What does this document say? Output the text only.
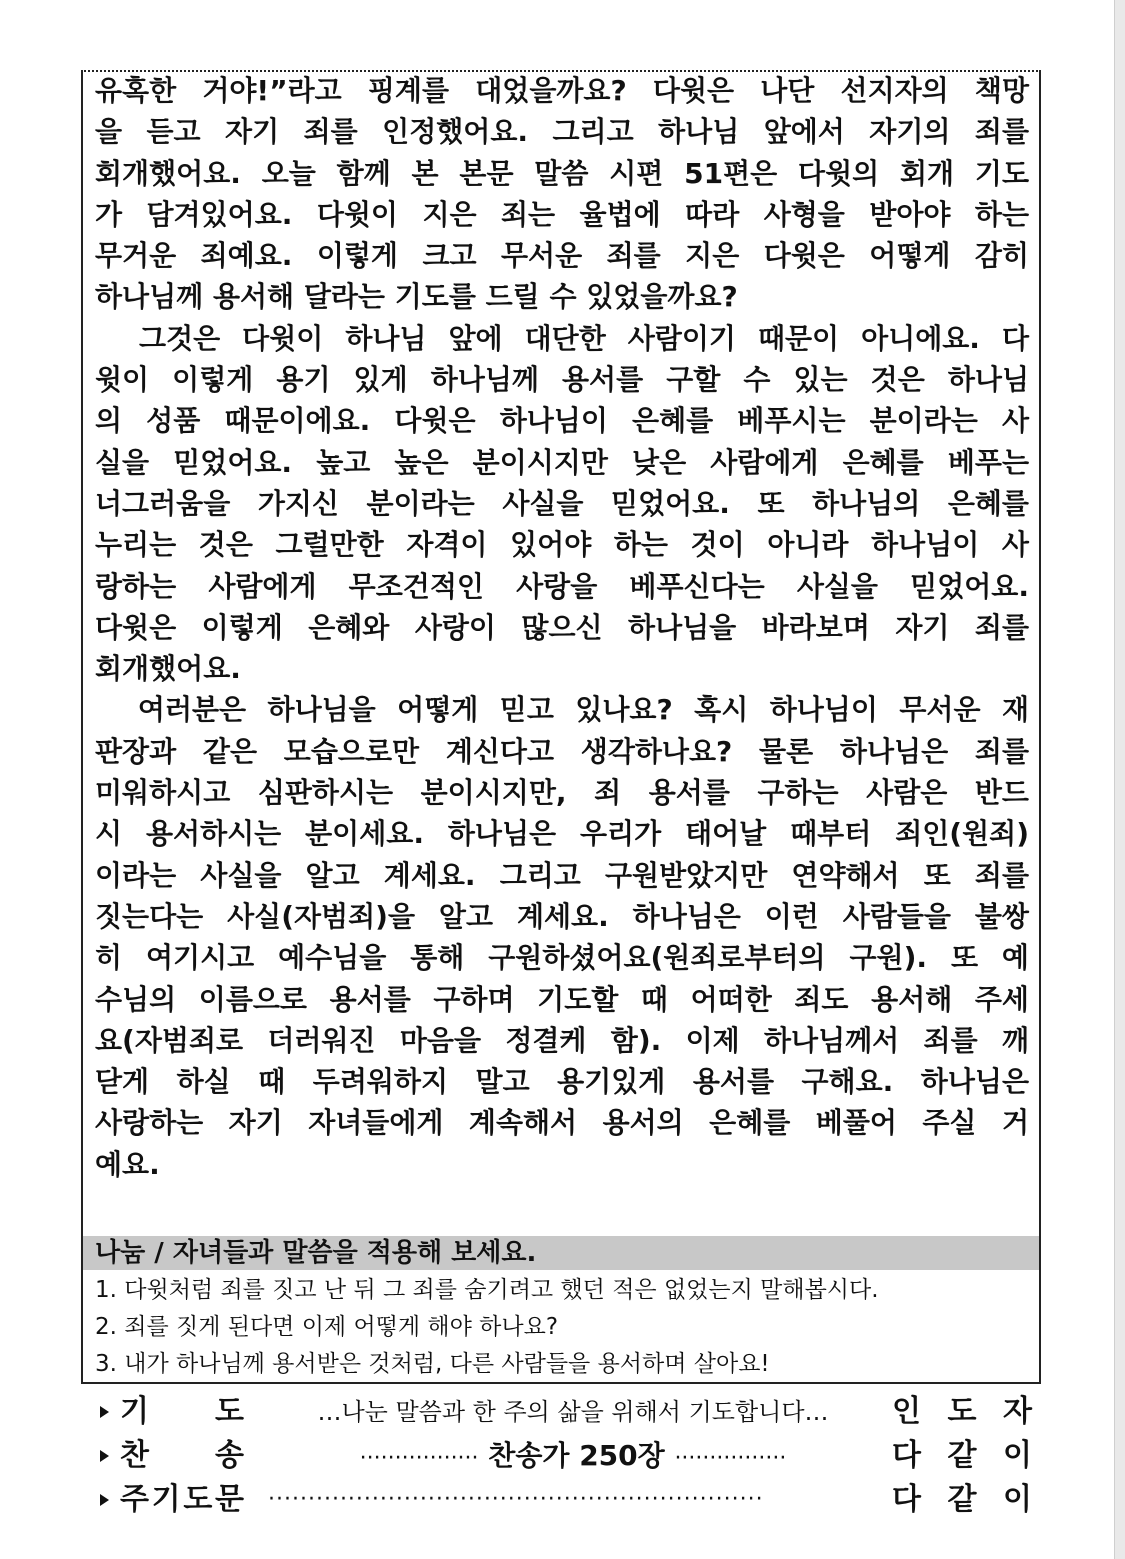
유혹한 거야!”라고 핑계를 대었을까요? 다윗은 나단 선지자의 책망
을 듣고 자기 죄를 인정했어요. 그리고 하나님 앞에서 자기의 죄를
회개했어요. 오늘 함께 본 본문 말씀 시편 51편은 다윗의 회개 기도
가 담겨있어요. 다윗이 지은 죄는 율법에 따라 사형을 받아야 하는
무거운 죄예요. 이렇게 크고 무서운 죄를 지은 다윗은 어떻게 감히
하나님께 용서해 달라는 기도를 드릴 수 있었을까요?
그것은 다윗이 하나님 앞에 대단한 사람이기 때문이 아니에요. 다
윗이 이렇게 용기 있게 하나님께 용서를 구할 수 있는 것은 하나님
의 성품 때문이에요. 다윗은 하나님이 은혜를 베푸시는 분이라는 사
실을 믿었어요. 높고 높은 분이시지만 낮은 사람에게 은혜를 베푸는
너그러움을 가지신 분이라는 사실을 믿었어요. 또 하나님의 은혜를
누리는 것은 그럴만한 자격이 있어야 하는 것이 아니라 하나님이 사
랑하는 사람에게 무조건적인 사랑을 베푸신다는 사실을 믿었어요.
다윗은 이렇게 은혜와 사랑이 많으신 하나님을 바라보며 자기 죄를
회개했어요.
여러분은 하나님을 어떻게 믿고 있나요? 혹시 하나님이 무서운 재
판장과 같은 모습으로만 계신다고 생각하나요? 물론 하나님은 죄를
미워하시고 심판하시는 분이시지만, 죄 용서를 구하는 사람은 반드
시 용서하시는 분이세요. 하나님은 우리가 태어날 때부터 죄인(원죄)
이라는 사실을 알고 계세요. 그리고 구원받았지만 연약해서 또 죄를
짓는다는 사실(자범죄)을 알고 계세요. 하나님은 이런 사람들을 불쌍
히 여기시고 예수님을 통해 구원하셨어요(원죄로부터의 구원). 또 예
수님의 이름으로 용서를 구하며 기도할 때 어떠한 죄도 용서해 주세
요(자범죄로 더러워진 마음을 정결케 함). 이제 하나님께서 죄를 깨
닫게 하실 때 두려워하지 말고 용기있게 용서를 구해요. 하나님은
사랑하는 자기 자녀들에게 계속해서 용서의 은혜를 베풀어 주실 거
예요.
나눔 / 자녀들과 말씀을 적용해 보세요.
1. 다윗처럼 죄를 짓고 난 뒤 그 죄를 숨기려고 했던 적은 없었는지 말해봅시다.
2. 죄를 짓게 된다면 이제 어떻게 해야 하나요?
3. 내가 하나님께 용서받은 것처럼, 다른 사람들을 용서하며 살아요!
기 도	…나눈 말씀과 한 주의 삶을 위해서 기도합니다…	인 도 자
찬 송	················· 찬송가 250장 ················	다 같 이
주 기 도 문 ······························································	다 같 이
